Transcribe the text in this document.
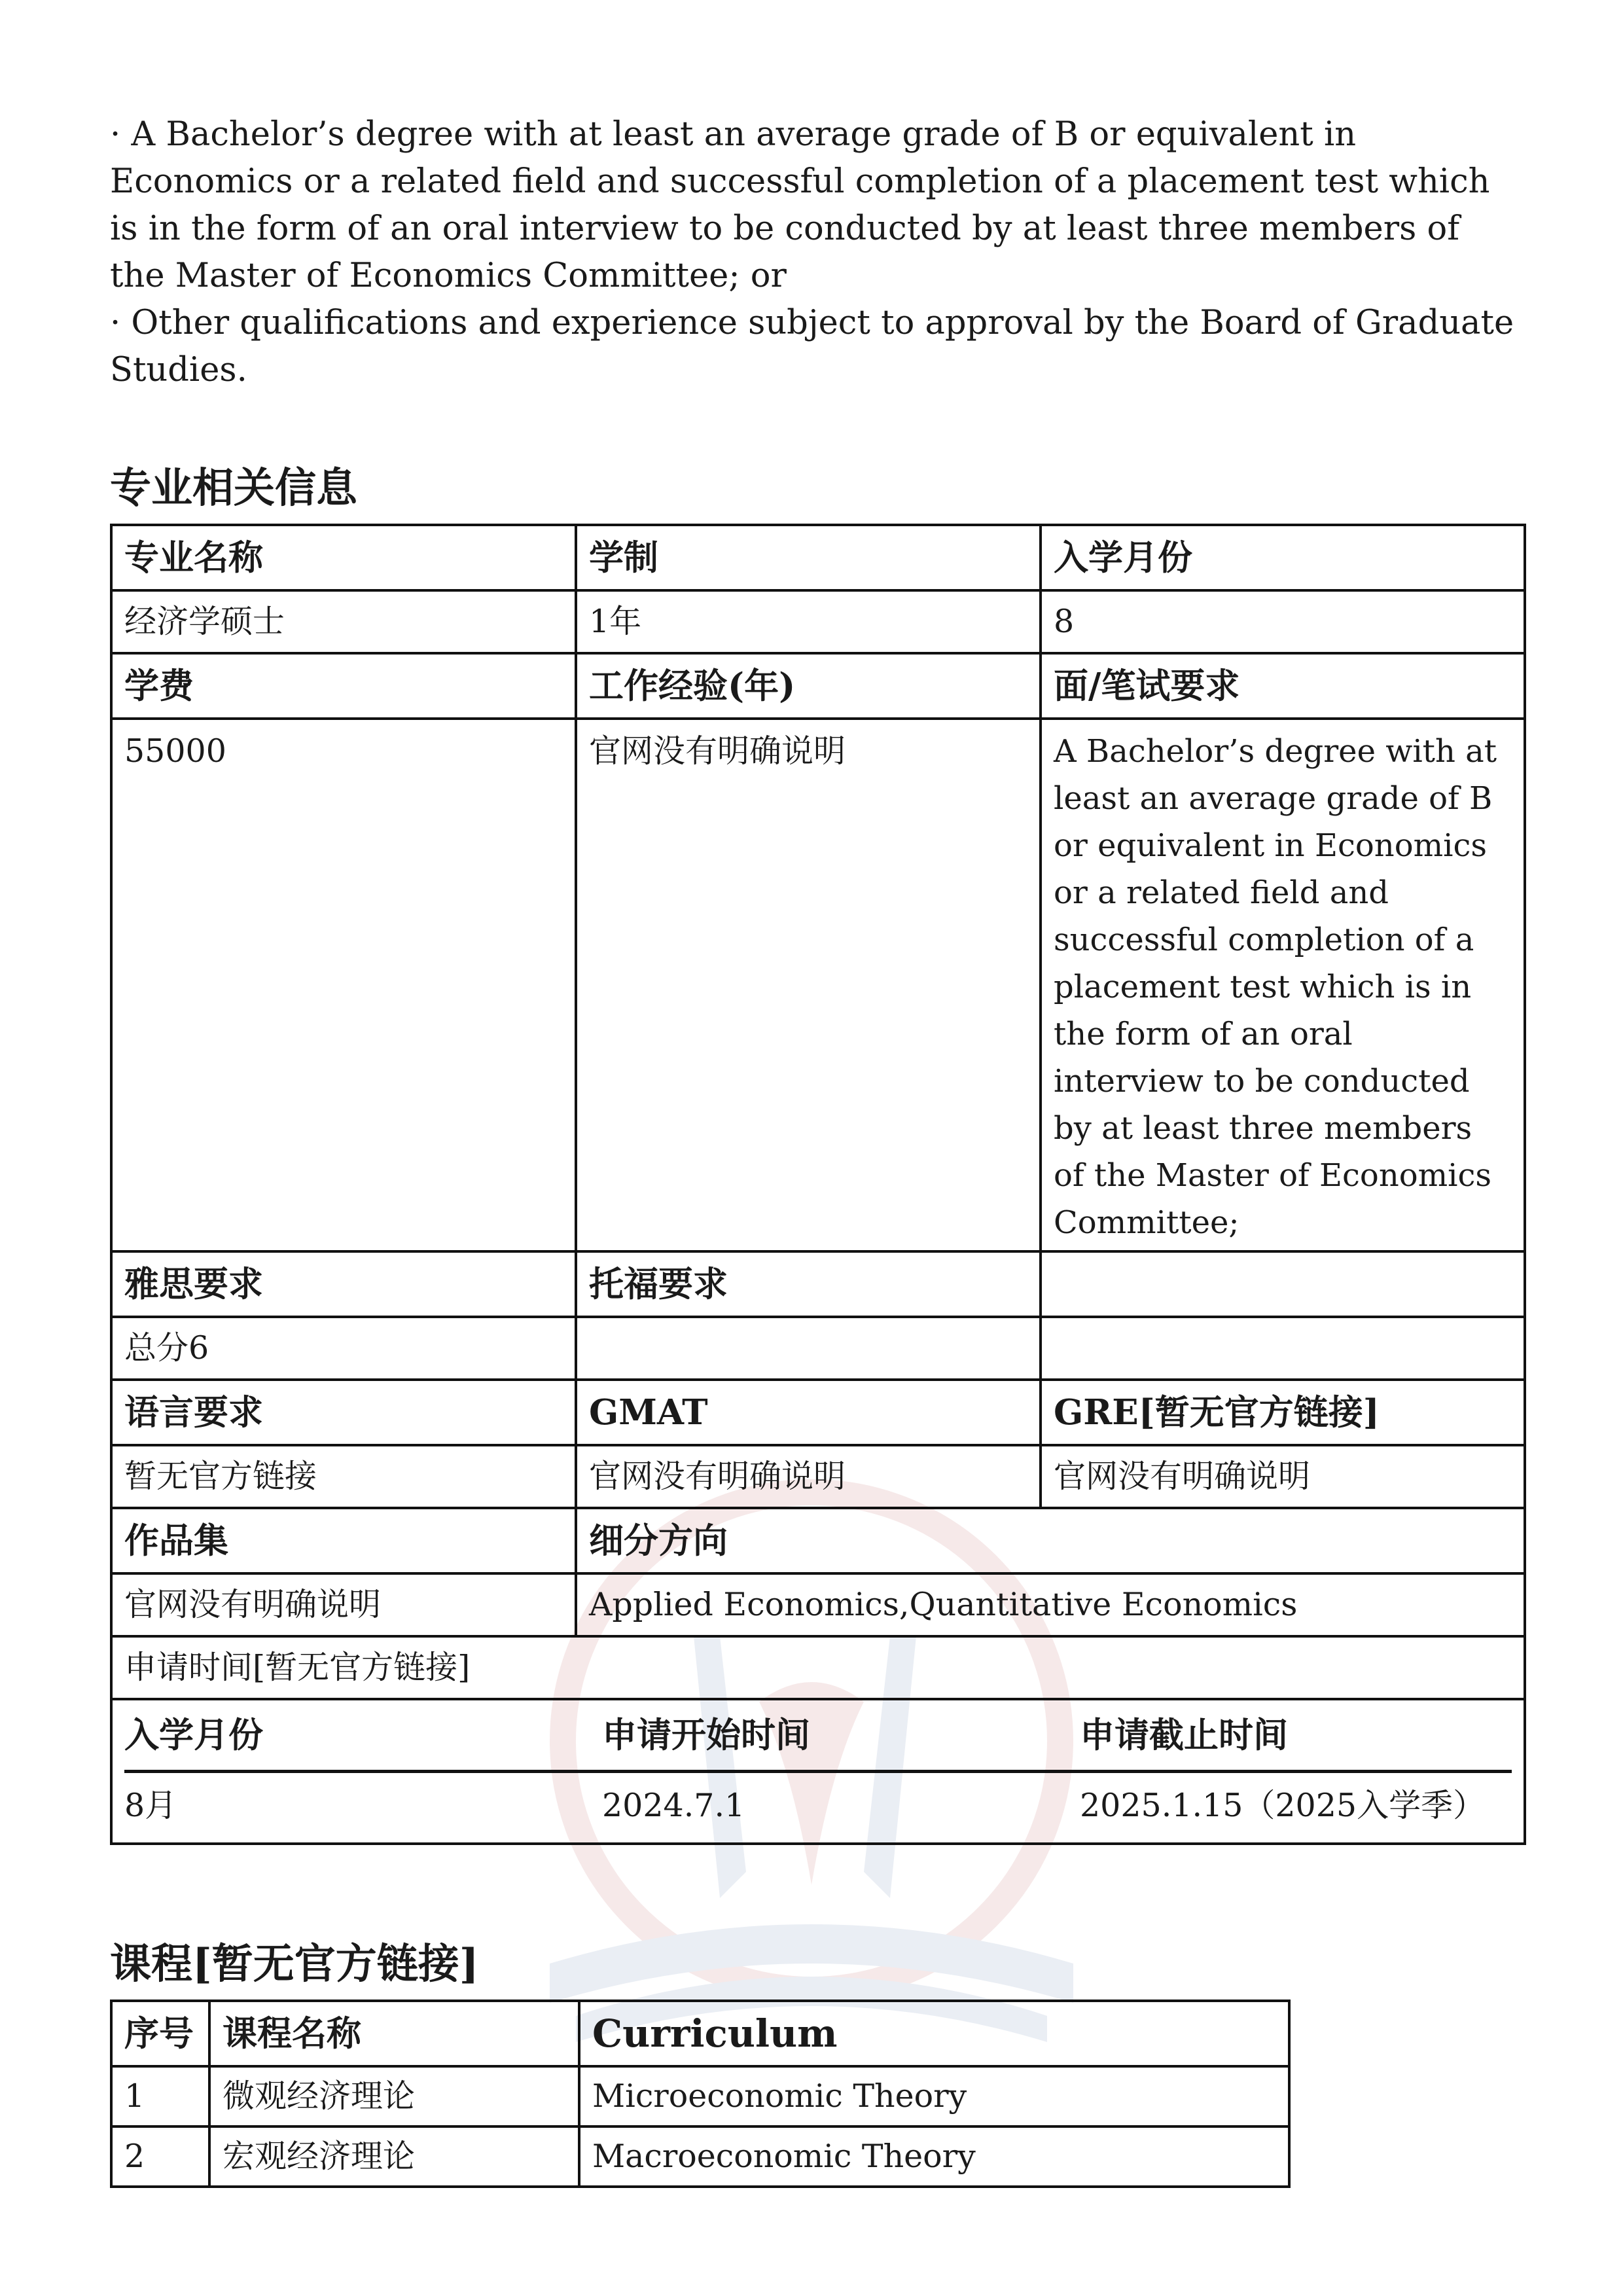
· A Bachelor’s degree with at least an average grade of B or equivalent in Economics or a related field and successful completion of a placement test which is in the form of an oral interview to be conducted by at least three members of the Master of Economics Committee; or

· Other qualifications and experience subject to approval by the Board of Graduate Studies.

专业相关信息
专业名称	学制	入学月份
经济学硕士	1年	8
学费	工作经验(年)	面/笔试要求
55000	官网没有明确说明	A Bachelor’s degree with at least an average grade of B or equivalent in Economics or a related field and successful completion of a placement test which is in the form of an oral interview to be conducted by at least three members of the Master of Economics Committee;
雅思要求	托福要求	
总分6		
语言要求	GMAT	GRE[暂无官方链接]
暂无官方链接	官网没有明确说明	官网没有明确说明
作品集	细分方向
官网没有明确说明	Applied Economics,Quantitative Economics
申请时间[暂无官方链接]

入学月份	申请开始时间	申请截止时间
8月	2024.7.1	2025.1.15（2025入学季）
课程[暂无官方链接]
序号	课程名称	Curriculum
1	微观经济理论	Microeconomic Theory
2	宏观经济理论	Macroeconomic Theory
